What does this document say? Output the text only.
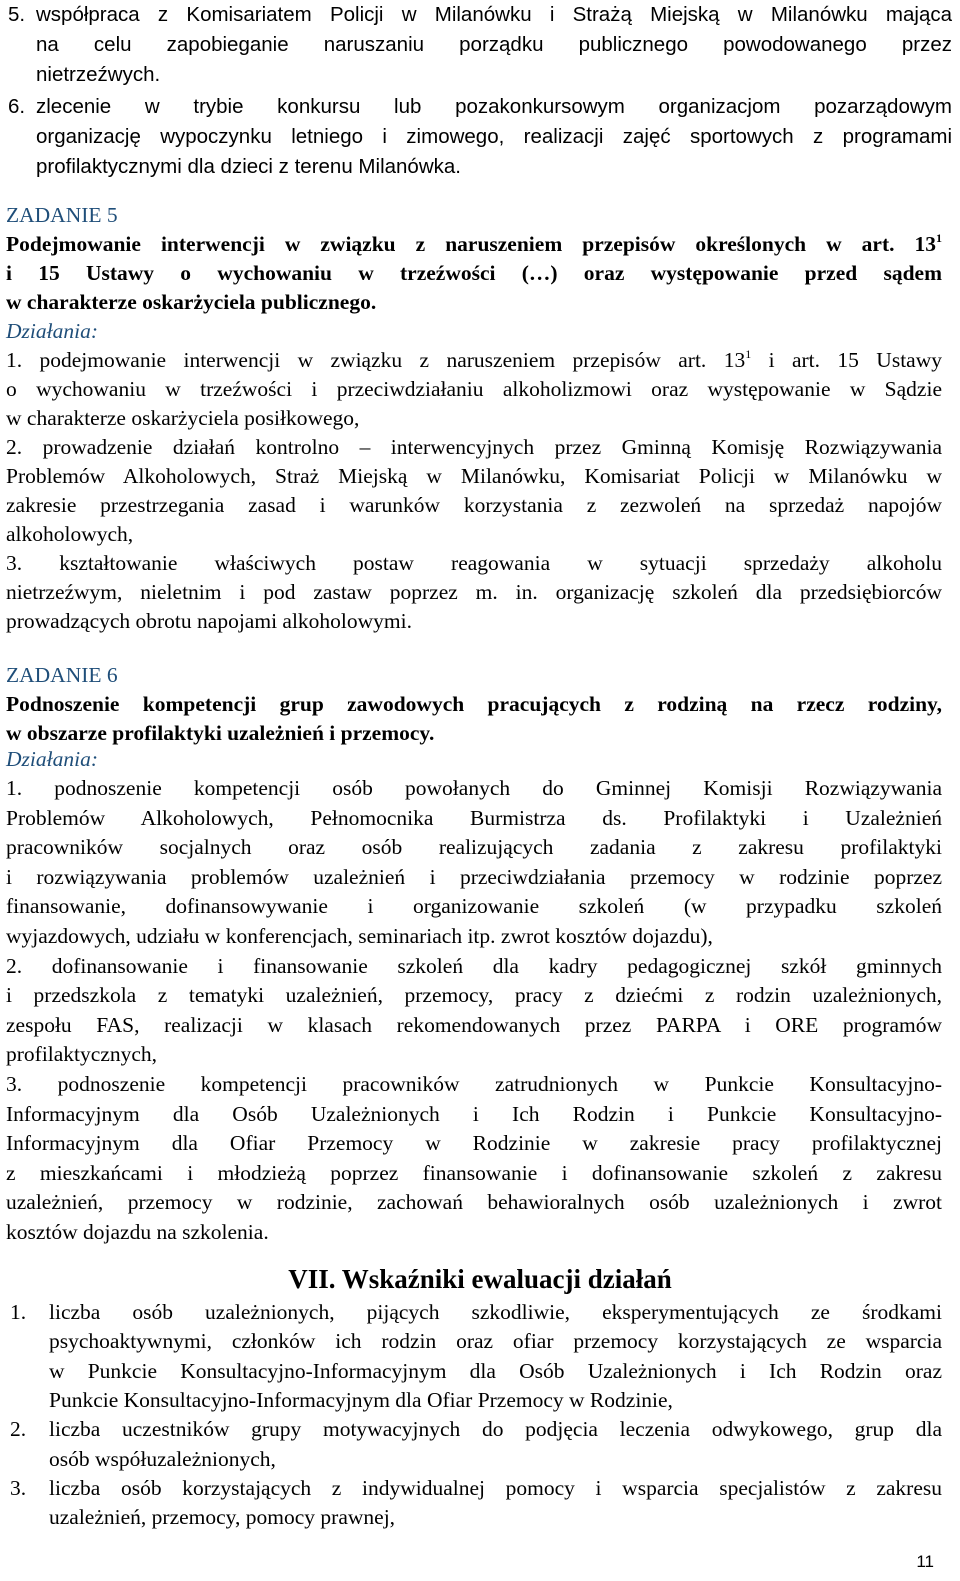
5. współpraca z Komisariatem Policji w Milanówku i Strażą Miejską w Milanówku mająca

na celu zapobieganie naruszaniu porządku publicznego powodowanego przez

nietrzeźwych.

6. zlecenie w trybie konkursu lub pozakonkursowym organizacjom pozarządowym

organizację wypoczynku letniego i zimowego, realizacji zajęć sportowych z programami

profilaktycznymi dla dzieci z terenu Milanówka.

ZADANIE 5

Podejmowanie interwencji w związku z naruszeniem przepisów określonych w art. $13^1$

i 15 Ustawy o wychowaniu w trzeźwości (…) oraz występowanie przed sądem

w charakterze oskarżyciela publicznego.

Działania:

1. podejmowanie interwencji w związku z naruszeniem przepisów art. $13^1$ i art. 15 Ustawy

o wychowaniu w trzeźwości i przeciwdziałaniu alkoholizmowi oraz występowanie w Sądzie

w charakterze oskarżyciela posiłkowego,

2. prowadzenie działań kontrolno – interwencyjnych przez Gminną Komisję Rozwiązywania

Problemów Alkoholowych, Straż Miejską w Milanówku, Komisariat Policji w Milanówku w

zakresie przestrzegania zasad i warunków korzystania z zezwoleń na sprzedaż napojów

alkoholowych,

3. kształtowanie właściwych postaw reagowania w sytuacji sprzedaży alkoholu

nietrzeźwym, nieletnim i pod zastaw poprzez m. in. organizację szkoleń dla przedsiębiorców

prowadzących obrotu napojami alkoholowymi.

ZADANIE 6

Podnoszenie kompetencji grup zawodowych pracujących z rodziną na rzecz rodziny,

w obszarze profilaktyki uzależnień i przemocy.

Działania:

1. podnoszenie kompetencji osób powołanych do Gminnej Komisji Rozwiązywania

Problemów Alkoholowych, Pełnomocnika Burmistrza ds. Profilaktyki i Uzależnień

pracowników socjalnych oraz osób realizujących zadania z zakresu profilaktyki

i rozwiązywania problemów uzależnień i przeciwdziałania przemocy w rodzinie poprzez

finansowanie, dofinansowywanie i organizowanie szkoleń (w przypadku szkoleń

wyjazdowych, udziału w konferencjach, seminariach itp. zwrot kosztów dojazdu),

2. dofinansowanie i finansowanie szkoleń dla kadry pedagogicznej szkół gminnych

i przedszkola z tematyki uzależnień, przemocy, pracy z dziećmi z rodzin uzależnionych,

zespołu FAS, realizacji w klasach rekomendowanych przez PARPA i ORE programów

profilaktycznych,

3. podnoszenie kompetencji pracowników zatrudnionych w Punkcie Konsultacyjno-

Informacyjnym dla Osób Uzależnionych i Ich Rodzin i Punkcie Konsultacyjno-

Informacyjnym dla Ofiar Przemocy w Rodzinie w zakresie pracy profilaktycznej

z mieszkańcami i młodzieżą poprzez finansowanie i dofinansowanie szkoleń z zakresu

uzależnień, przemocy w rodzinie, zachowań behawioralnych osób uzależnionych i zwrot

kosztów dojazdu na szkolenia.

VII. Wskaźniki ewaluacji działań
1.	liczba osób uzależnionych, pijących szkodliwie, eksperymentujących ze środkami

psychoaktywnymi, członków ich rodzin oraz ofiar przemocy korzystających ze wsparcia

w Punkcie Konsultacyjno-Informacyjnym dla Osób Uzależnionych i Ich Rodzin oraz

Punkcie Konsultacyjno-Informacyjnym dla Ofiar Przemocy w Rodzinie,

2.	liczba uczestników grupy motywacyjnych do podjęcia leczenia odwykowego, grup dla

osób współuzależnionych,

3.	liczba osób korzystających z indywidualnej pomocy i wsparcia specjalistów z zakresu

uzależnień, przemocy, pomocy prawnej,

11
